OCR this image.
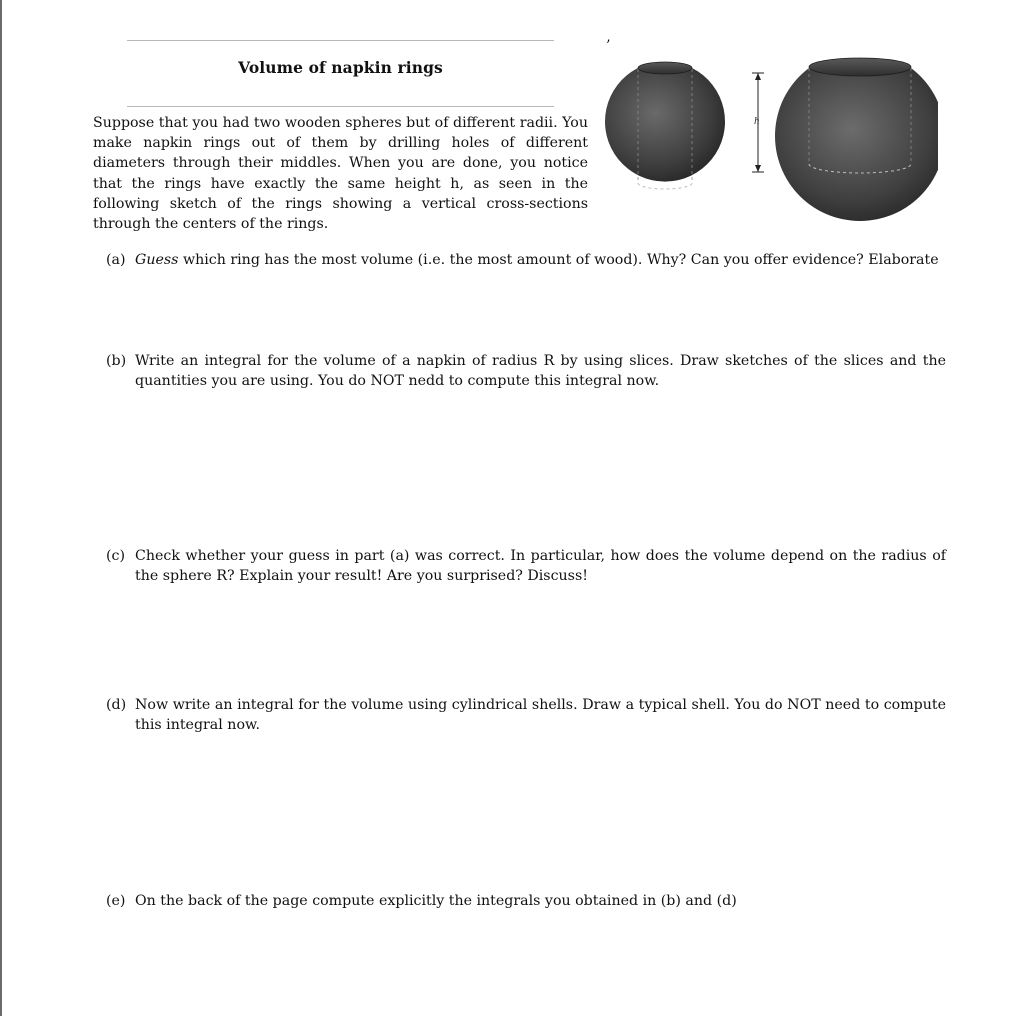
Volume of napkin rings
’
Suppose that you had two wooden spheres but of different radii. You make napkin rings out of them by drilling holes of different diameters through their middles. When you are done, you notice that the rings have exactly the same height h, as seen in the following sketch of the rings showing a vertical cross-sections through the centers of the rings.
h
(a) Guess which ring has the most volume (i.e. the most amount of wood). Why? Can you offer evidence? Elaborate
(b) Write an integral for the volume of a napkin of radius R by using slices. Draw sketches of the slices and the quantities you are using. You do NOT nedd to compute this integral now.
(c) Check whether your guess in part (a) was correct. In particular, how does the volume depend on the radius of the sphere R? Explain your result! Are you surprised? Discuss!
(d) Now write an integral for the volume using cylindrical shells. Draw a typical shell. You do NOT need to compute this integral now.
(e) On the back of the page compute explicitly the integrals you obtained in (b) and (d)
